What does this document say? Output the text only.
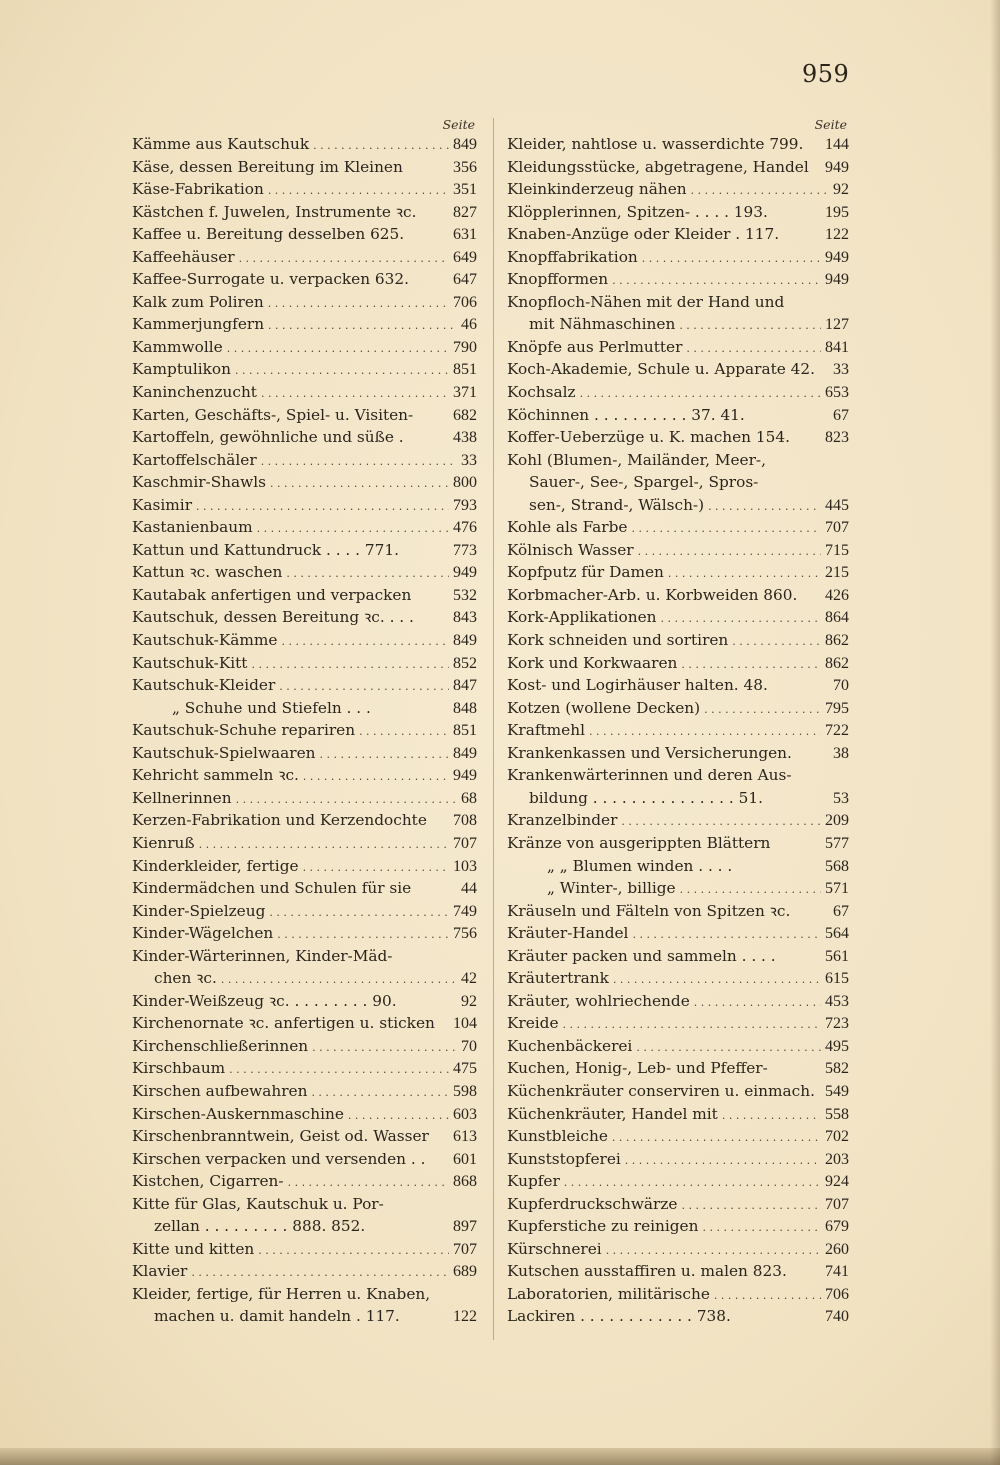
959
Seite
Kämme aus Kautschuk . . .	849
Käse, dessen Bereitung im Kleinen	356
Käse-Fabrikation . . .	351
Kästchen f. Juwelen, Instrumente ꝛc. 827
Kaffee u. Bereitung desselben 625.	631
Kaffeehäuser . . .	649
Kaffee-Surrogate u. verpacken 632.	647
Kalk zum Poliren . . .	706
Kammerjungfern . . .	46
Kammwolle . . .	790
Kamptulikon . . .	851
Kaninchenzucht . . .	371
Karten, Geschäfts-, Spiel- u. Visiten- 682
Kartoffeln, gewöhnliche und süße .	438
Kartoffelschäler . . .	33
Kaschmir-Shawls . . .	800
Kasimir . . .	793
Kastanienbaum . . .	476
Kattun und Kattundruck . . . . 771.	773
Kattun ꝛc. waschen . . .	949
Kautabak anfertigen und verpacken	532
Kautschuk, dessen Bereitung ꝛc. . . . 843
Kautschuk-Kämme . . .	849
Kautschuk-Kitt . . .	852
Kautschuk-Kleider . . .	847
„ Schuhe und Stiefeln . . .	848
Kautschuk-Schuhe repariren . . .	851
Kautschuk-Spielwaaren . . .	849
Kehricht sammeln ꝛc. . . .	949
Kellnerinnen . . .	68
Kerzen-Fabrikation und Kerzendochte 708
Kienruß . . .	707
Kinderkleider, fertige . . .	103
Kindermädchen und Schulen für sie	44
Kinder-Spielzeug . . .	749
Kinder-Wägelchen . . .	756
Kinder-Wärterinnen, Kinder-Mäd-
chen ꝛc. . . .	42
Kinder-Weißzeug ꝛc. . . . . . . . . 90.	92
Kirchenornate ꝛc. anfertigen u. sticken 104
Kirchenschließerinnen . . .	70
Kirschbaum . . .	475
Kirschen aufbewahren . . .	598
Kirschen-Auskernmaschine . . .	603
Kirschenbranntwein, Geist od. Wasser 613
Kirschen verpacken und versenden . . 601
Kistchen, Cigarren- . . .	868
Kitte für Glas, Kautschuk u. Por-
zellan . . . . . . . . . 888. 852.	897
Kitte und kitten . . .	707
Klavier . . .	689
Kleider, fertige, für Herren u. Knaben,
machen u. damit handeln . 117.	122
Seite
Kleider, nahtlose u. wasserdichte 799. 144
Kleidungsstücke, abgetragene, Handel 949
Kleinkinderzeug nähen . . .	92
Klöpplerinnen, Spitzen- . . . . 193.	195
Knaben-Anzüge oder Kleider . 117.	122
Knopffabrikation . . .	949
Knopfformen . . .	949
Knopfloch-Nähen mit der Hand und
mit Nähmaschinen . . .	127
Knöpfe aus Perlmutter . . .	841
Koch-Akademie, Schule u. Apparate 42. 33
Kochsalz . . .	653
Köchinnen . . . . . . . . . . 37. 41.	67
Koffer-Ueberzüge u. K. machen 154. 823
Kohl (Blumen-, Mailänder, Meer-,
Sauer-, See-, Spargel-, Spros-
sen-, Strand-, Wälsch-) . . .	445
Kohle als Farbe . . .	707
Kölnisch Wasser . . .	715
Kopfputz für Damen . . .	215
Korbmacher-Arb. u. Korbweiden 860. 426
Kork-Applikationen . . .	864
Kork schneiden und sortiren . . .	862
Kork und Korkwaaren . . .	862
Kost- und Logirhäuser halten. 48.	70
Kotzen (wollene Decken) . . .	795
Kraftmehl . . .	722
Krankenkassen und Versicherungen.	38
Krankenwärterinnen und deren Aus-
bildung . . . . . . . . . . . . . . . 51.	53
Kranzelbinder . . .	209
Kränze von ausgerippten Blättern	577
„ „ Blumen winden . . . .	568
„ Winter-, billige . . .	571
Kräuseln und Fälteln von Spitzen ꝛc.	67
Kräuter-Handel . . .	564
Kräuter packen und sammeln . . . .	561
Kräutertrank . . .	615
Kräuter, wohlriechende . . .	453
Kreide . . .	723
Kuchenbäckerei . . .	495
Kuchen, Honig-, Leb- und Pfeffer-	582
Küchenkräuter conserviren u. einmach. 549
Küchenkräuter, Handel mit . . .	558
Kunstbleiche . . .	702
Kunststopferei . . .	203
Kupfer . . .	924
Kupferdruckschwärze . . .	707
Kupferstiche zu reinigen . . .	679
Kürschnerei . . .	260
Kutschen ausstaffiren u. malen 823. 741
Laboratorien, militärische . . .	706
Lackiren . . . . . . . . . . . . 738.	740
